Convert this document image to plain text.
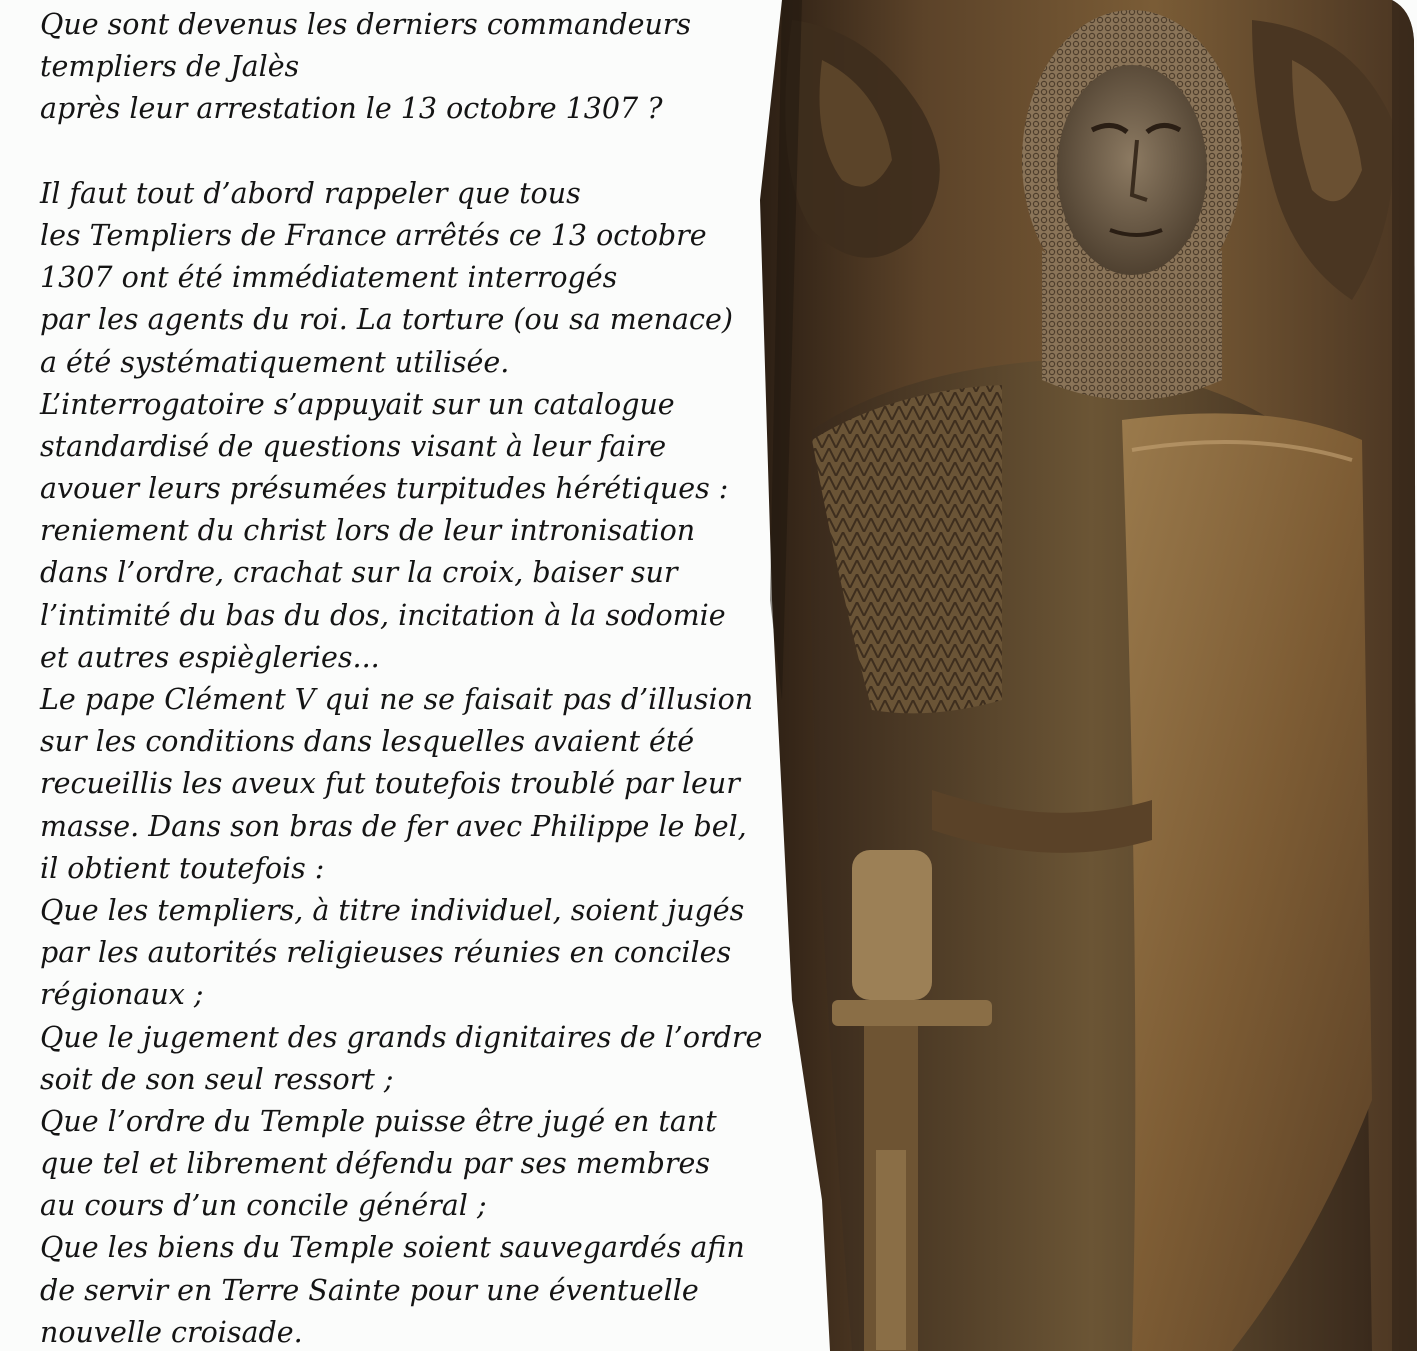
Que sont devenus les derniers commandeurs
templiers de Jalès
après leur arrestation le 13 octobre 1307 ?
Il faut tout d’abord rappeler que tous
les Templiers de France arrêtés ce 13 octobre
1307 ont été immédiatement interrogés
par les agents du roi. La torture (ou sa menace)
a été systématiquement utilisée.
L’interrogatoire s’appuyait sur un catalogue
standardisé de questions visant à leur faire
avouer leurs présumées turpitudes hérétiques :
reniement du christ lors de leur intronisation
dans l’ordre, crachat sur la croix, baiser sur
l’intimité du bas du dos, incitation à la sodomie
et autres espiègleries...
Le pape Clément V qui ne se faisait pas d’illusion
sur les conditions dans lesquelles avaient été
recueillis les aveux fut toutefois troublé par leur
masse. Dans son bras de fer avec Philippe le bel,
il obtient toutefois :
Que les templiers, à titre individuel, soient jugés
par les autorités religieuses réunies en conciles
régionaux ;
Que le jugement des grands dignitaires de l’ordre
soit de son seul ressort ;
Que l’ordre du Temple puisse être jugé en tant
que tel et librement défendu par ses membres
au cours d’un concile général ;
Que les biens du Temple soient sauvegardés afin
de servir en Terre Sainte pour une éventuelle
nouvelle croisade.
